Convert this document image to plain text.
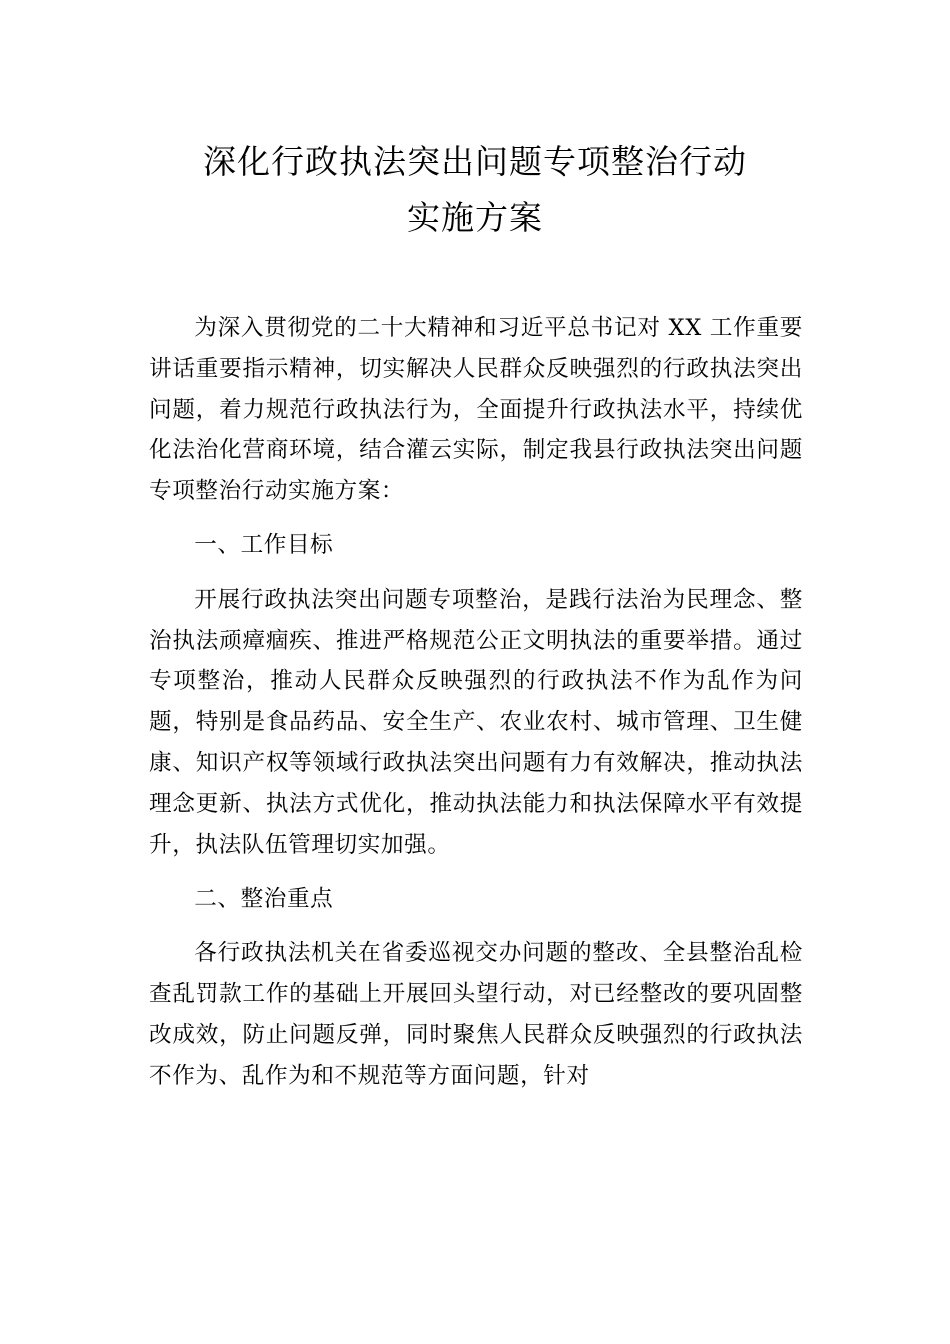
深化行政执法突出问题专项整治行动
实施方案

为深入贯彻党的二十大精神和习近平总书记对 XX 工作重要讲话重要指示精神，切实解决人民群众反映强烈的行政执法突出问题，着力规范行政执法行为，全面提升行政执法水平，持续优化法治化营商环境，结合灌云实际，制定我县行政执法突出问题专项整治行动实施方案：

一、工作目标

开展行政执法突出问题专项整治，是践行法治为民理念、整治执法顽瘴痼疾、推进严格规范公正文明执法的重要举措。通过专项整治，推动人民群众反映强烈的行政执法不作为乱作为问题，特别是食品药品、安全生产、农业农村、城市管理、卫生健康、知识产权等领域行政执法突出问题有力有效解决，推动执法理念更新、执法方式优化，推动执法能力和执法保障水平有效提升，执法队伍管理切实加强。

二、整治重点

各行政执法机关在省委巡视交办问题的整改、全县整治乱检查乱罚款工作的基础上开展回头望行动，对已经整改的要巩固整改成效，防止问题反弹，同时聚焦人民群众反映强烈的行政执法不作为、乱作为和不规范等方面问题，针对
